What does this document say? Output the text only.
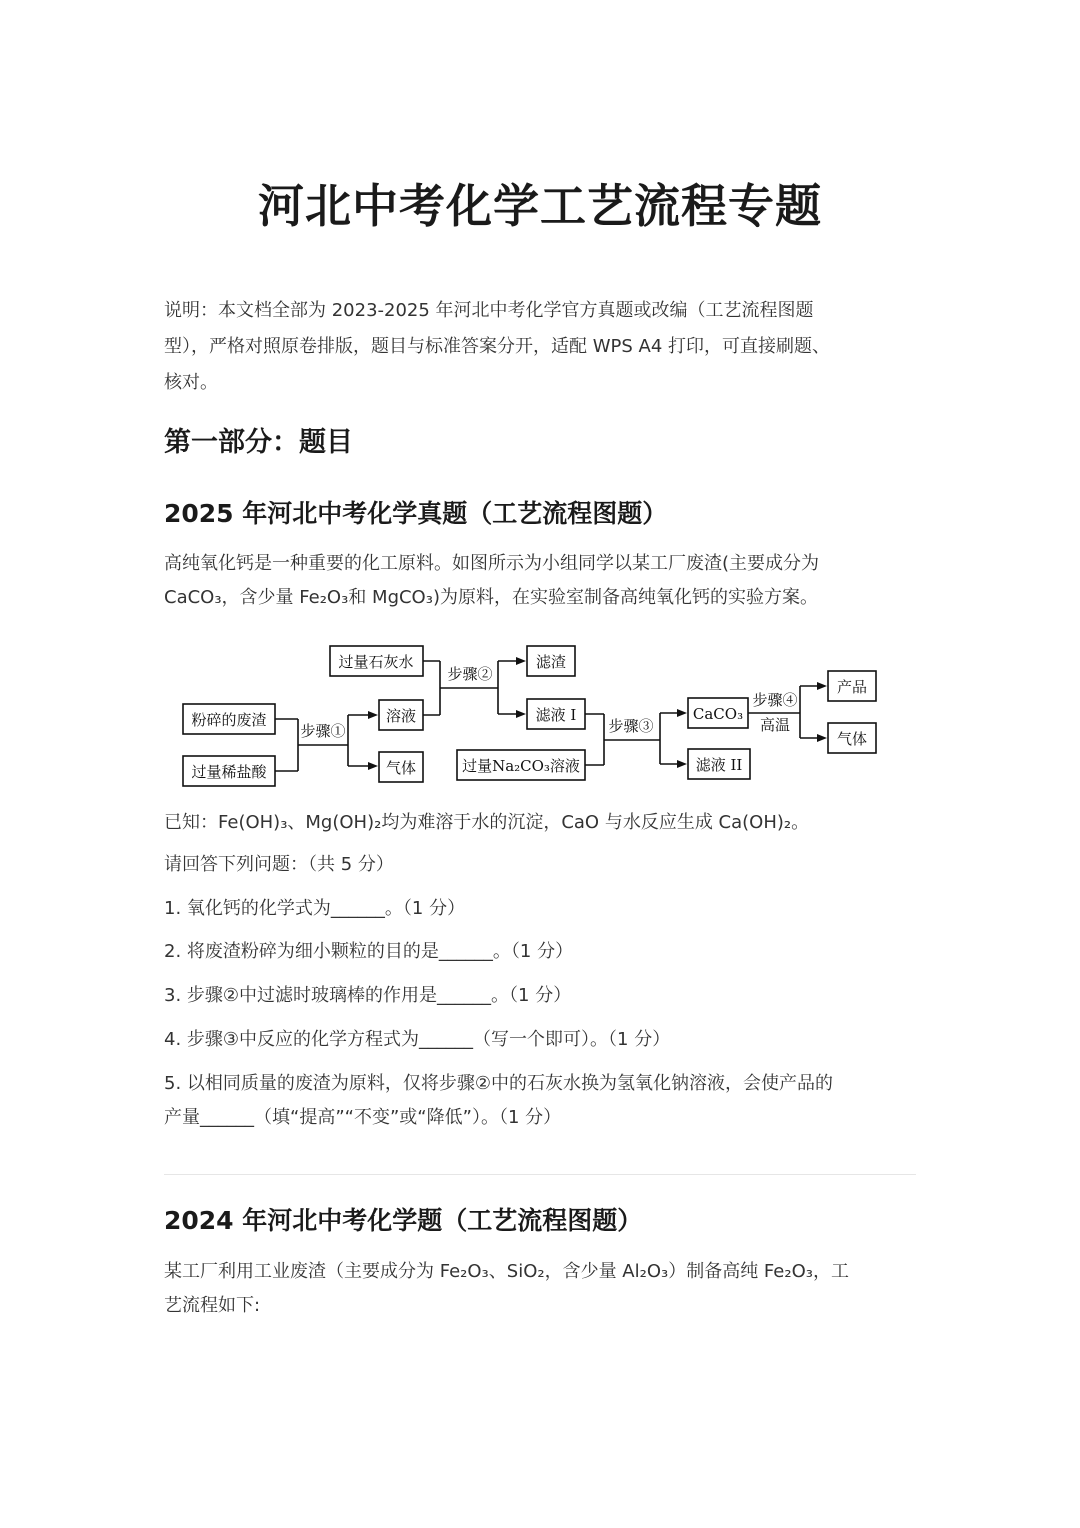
河北中考化学工艺流程专题
说明：本文档全部为 2023-2025 年河北中考化学官方真题或改编（工艺流程图题
型），严格对照原卷排版，题目与标准答案分开，适配 WPS A4 打印，可直接刷题、
核对。
第一部分：题目
2025 年河北中考化学真题（工艺流程图题）
高纯氧化钙是一种重要的化工原料。如图所示为小组同学以某工厂废渣(主要成分为
CaCO₃，含少量 Fe₂O₃和 MgCO₃)为原料，在实验室制备高纯氧化钙的实验方案。
粉碎的废渣
过量稀盐酸
步骤①
溶液
气体
过量石灰水
步骤②
滤渣
滤液 I
过量Na₂CO₃溶液
步骤③
CaCO₃
滤液 II
步骤④
高温
产品
气体
已知：Fe(OH)₃、Mg(OH)₂均为难溶于水的沉淀，CaO 与水反应生成 Ca(OH)₂。
请回答下列问题：（共 5 分）
1. 氧化钙的化学式为______。（1 分）
2. 将废渣粉碎为细小颗粒的目的是______。（1 分）
3. 步骤②中过滤时玻璃棒的作用是______。（1 分）
4. 步骤③中反应的化学方程式为______（写一个即可）。（1 分）
5. 以相同质量的废渣为原料，仅将步骤②中的石灰水换为氢氧化钠溶液，会使产品的
产量______（填“提高”“不变”或“降低”）。（1 分）
2024 年河北中考化学题（工艺流程图题）
某工厂利用工业废渣（主要成分为 Fe₂O₃、SiO₂，含少量 Al₂O₃）制备高纯 Fe₂O₃，工
艺流程如下:
